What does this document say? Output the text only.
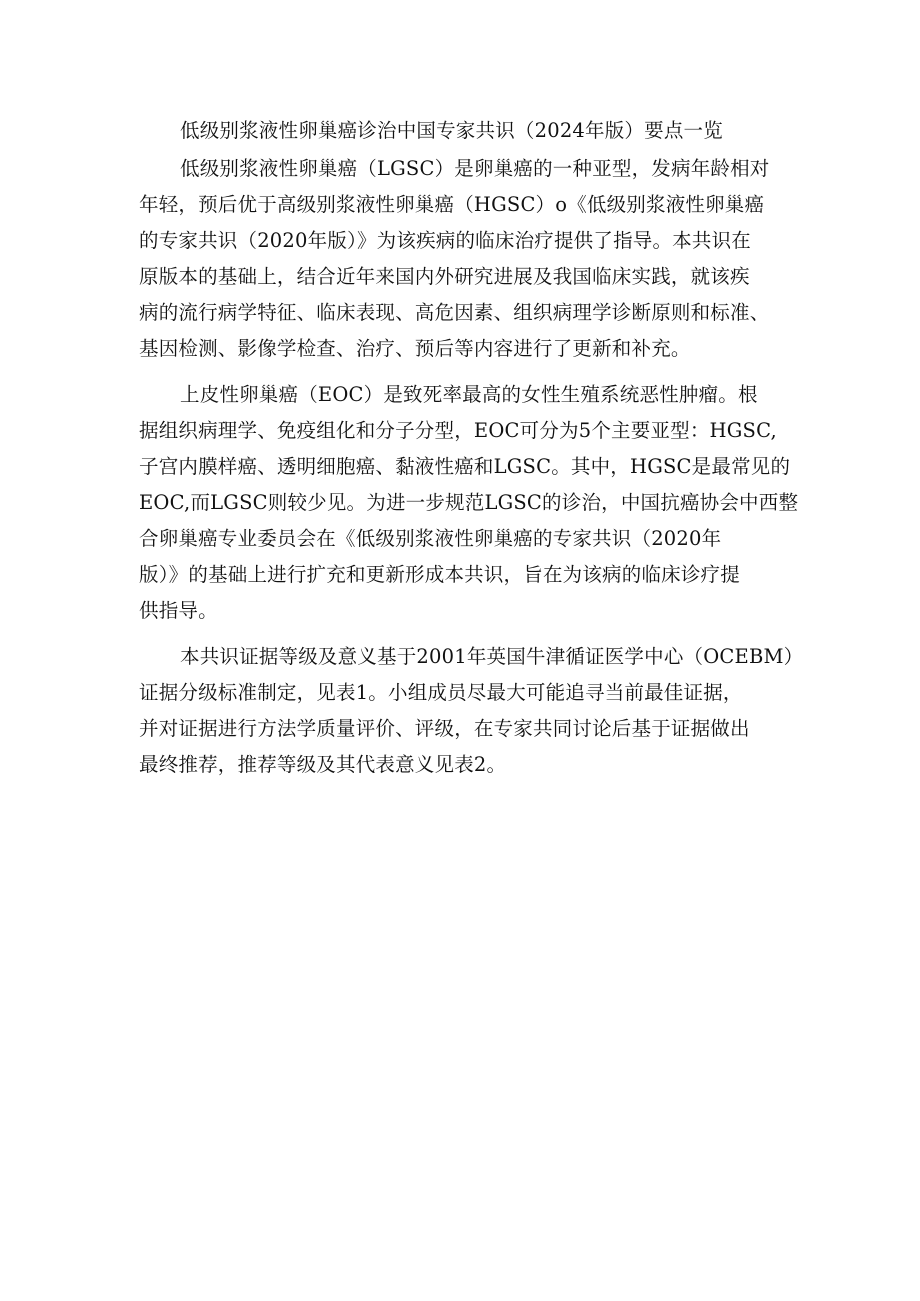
低级别浆液性卵巢癌诊治中国专家共识（2024年版）要点一览
低级别浆液性卵巢癌（LGSC）是卵巢癌的一种亚型，发病年龄相对
年轻，预后优于高级别浆液性卵巢癌（HGSC）o《低级别浆液性卵巢癌
的专家共识（2020年版）》为该疾病的临床治疗提供了指导。本共识在
原版本的基础上，结合近年来国内外研究进展及我国临床实践，就该疾
病的流行病学特征、临床表现、高危因素、组织病理学诊断原则和标准、
基因检测、影像学检查、治疗、预后等内容进行了更新和补充。
上皮性卵巢癌（EOC）是致死率最高的女性生殖系统恶性肿瘤。根
据组织病理学、免疫组化和分子分型，EOC可分为5个主要亚型：HGSC,
子宫内膜样癌、透明细胞癌、黏液性癌和LGSC。其中，HGSC是最常见的
EOC,而LGSC则较少见。为进一步规范LGSC的诊治，中国抗癌协会中西整
合卵巢癌专业委员会在《低级别浆液性卵巢癌的专家共识（2020年
版）》的基础上进行扩充和更新形成本共识，旨在为该病的临床诊疗提
供指导。
本共识证据等级及意义基于2001年英国牛津循证医学中心（OCEBM）
证据分级标准制定，见表1。小组成员尽最大可能追寻当前最佳证据，
并对证据进行方法学质量评价、评级，在专家共同讨论后基于证据做出
最终推荐，推荐等级及其代表意义见表2。
